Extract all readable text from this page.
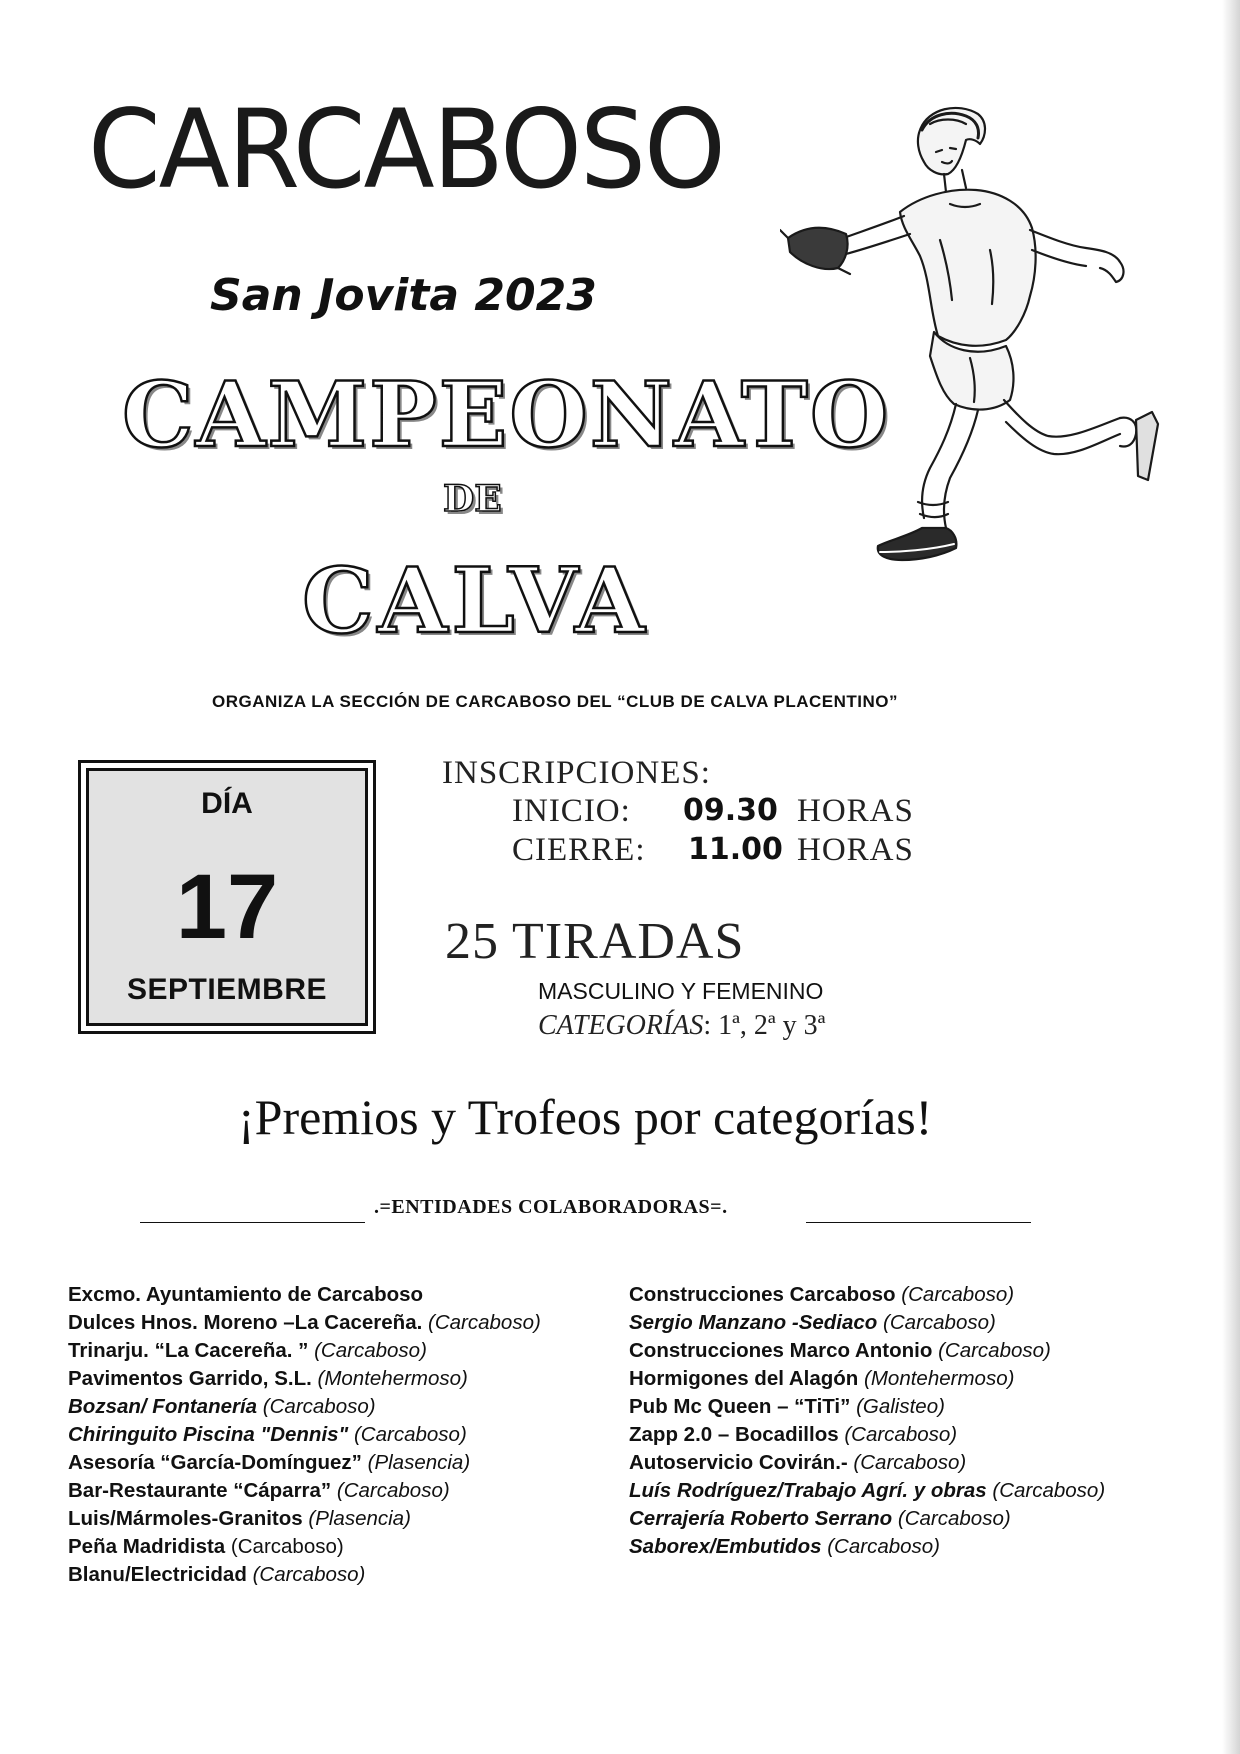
CARCABOSO
San Jovita 2023
CAMPEONATO
DE
CALVA
ORGANIZA LA SECCIÓN DE CARCABOSO DEL “CLUB DE CALVA PLACENTINO”
DÍA
17
SEPTIEMBRE
INSCRIPCIONES:
INICIO: 09.30 HORAS
CIERRE: 11.00 HORAS
25 TIRADAS
MASCULINO Y FEMENINO
CATEGORÍAS: 1ª, 2ª y 3ª
¡Premios y Trofeos por categorías!
.=ENTIDADES COLABORADORAS=.
Excmo. Ayuntamiento de Carcaboso
Dulces Hnos. Moreno –La Cacereña. (Carcaboso)
Trinarju. “La Cacereña. ” (Carcaboso)
Pavimentos Garrido, S.L. (Montehermoso)
Bozsan/ Fontanería (Carcaboso)
Chiringuito Piscina "Dennis" (Carcaboso)
Asesoría “García-Domínguez” (Plasencia)
Bar-Restaurante “Cáparra” (Carcaboso)
Luis/Mármoles-Granitos (Plasencia)
Peña Madridista (Carcaboso)
Blanu/Electricidad (Carcaboso)
Construcciones Carcaboso (Carcaboso)
Sergio Manzano -Sediaco (Carcaboso)
Construcciones Marco Antonio (Carcaboso)
Hormigones del Alagón (Montehermoso)
Pub Mc Queen – “TiTi” (Galisteo)
Zapp 2.0 – Bocadillos (Carcaboso)
Autoservicio Covirán.- (Carcaboso)
Luís Rodríguez/Trabajo Agrí. y obras (Carcaboso)
Cerrajería Roberto Serrano (Carcaboso)
Saborex/Embutidos (Carcaboso)
